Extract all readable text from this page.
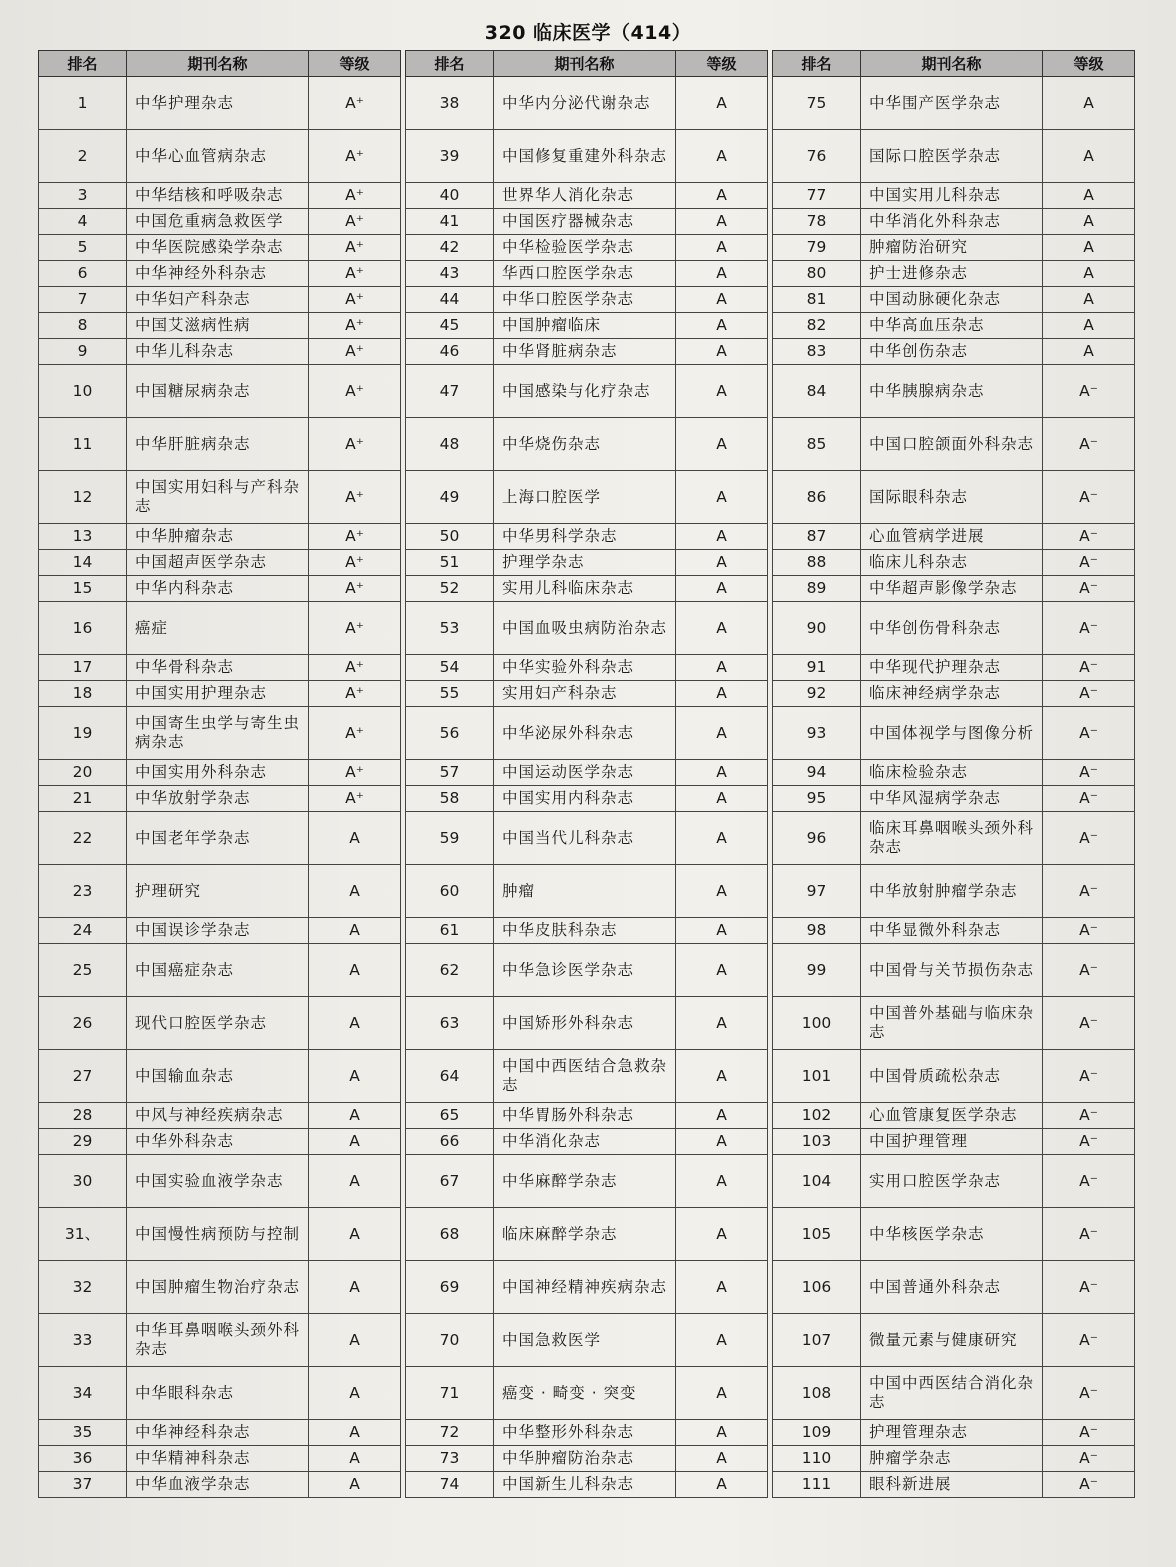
320 临床医学（414）
排名	期刊名称	等级
1	中华护理杂志	A⁺
2	中华心血管病杂志	A⁺
3	中华结核和呼吸杂志	A⁺
4	中国危重病急救医学	A⁺
5	中华医院感染学杂志	A⁺
6	中华神经外科杂志	A⁺
7	中华妇产科杂志	A⁺
8	中国艾滋病性病	A⁺
9	中华儿科杂志	A⁺
10	中国糖尿病杂志	A⁺
11	中华肝脏病杂志	A⁺
12	中国实用妇科与产科杂志	A⁺
13	中华肿瘤杂志	A⁺
14	中国超声医学杂志	A⁺
15	中华内科杂志	A⁺
16	癌症	A⁺
17	中华骨科杂志	A⁺
18	中国实用护理杂志	A⁺
19	中国寄生虫学与寄生虫病杂志	A⁺
20	中国实用外科杂志	A⁺
21	中华放射学杂志	A⁺
22	中国老年学杂志	A
23	护理研究	A
24	中国误诊学杂志	A
25	中国癌症杂志	A
26	现代口腔医学杂志	A
27	中国输血杂志	A
28	中风与神经疾病杂志	A
29	中华外科杂志	A
30	中国实验血液学杂志	A
31、	中国慢性病预防与控制	A
32	中国肿瘤生物治疗杂志	A
33	中华耳鼻咽喉头颈外科杂志	A
34	中华眼科杂志	A
35	中华神经科杂志	A
36	中华精神科杂志	A
37	中华血液学杂志	A
排名	期刊名称	等级
38	中华内分泌代谢杂志	A
39	中国修复重建外科杂志	A
40	世界华人消化杂志	A
41	中国医疗器械杂志	A
42	中华检验医学杂志	A
43	华西口腔医学杂志	A
44	中华口腔医学杂志	A
45	中国肿瘤临床	A
46	中华肾脏病杂志	A
47	中国感染与化疗杂志	A
48	中华烧伤杂志	A
49	上海口腔医学	A
50	中华男科学杂志	A
51	护理学杂志	A
52	实用儿科临床杂志	A
53	中国血吸虫病防治杂志	A
54	中华实验外科杂志	A
55	实用妇产科杂志	A
56	中华泌尿外科杂志	A
57	中国运动医学杂志	A
58	中国实用内科杂志	A
59	中国当代儿科杂志	A
60	肿瘤	A
61	中华皮肤科杂志	A
62	中华急诊医学杂志	A
63	中国矫形外科杂志	A
64	中国中西医结合急救杂志	A
65	中华胃肠外科杂志	A
66	中华消化杂志	A
67	中华麻醉学杂志	A
68	临床麻醉学杂志	A
69	中国神经精神疾病杂志	A
70	中国急救医学	A
71	癌变 · 畸变 · 突变	A
72	中华整形外科杂志	A
73	中华肿瘤防治杂志	A
74	中国新生儿科杂志	A
排名	期刊名称	等级
75	中华围产医学杂志	A
76	国际口腔医学杂志	A
77	中国实用儿科杂志	A
78	中华消化外科杂志	A
79	肿瘤防治研究	A
80	护士进修杂志	A
81	中国动脉硬化杂志	A
82	中华高血压杂志	A
83	中华创伤杂志	A
84	中华胰腺病杂志	A⁻
85	中国口腔颌面外科杂志	A⁻
86	国际眼科杂志	A⁻
87	心血管病学进展	A⁻
88	临床儿科杂志	A⁻
89	中华超声影像学杂志	A⁻
90	中华创伤骨科杂志	A⁻
91	中华现代护理杂志	A⁻
92	临床神经病学杂志	A⁻
93	中国体视学与图像分析	A⁻
94	临床检验杂志	A⁻
95	中华风湿病学杂志	A⁻
96	临床耳鼻咽喉头颈外科杂志	A⁻
97	中华放射肿瘤学杂志	A⁻
98	中华显微外科杂志	A⁻
99	中国骨与关节损伤杂志	A⁻
100	中国普外基础与临床杂志	A⁻
101	中国骨质疏松杂志	A⁻
102	心血管康复医学杂志	A⁻
103	中国护理管理	A⁻
104	实用口腔医学杂志	A⁻
105	中华核医学杂志	A⁻
106	中国普通外科杂志	A⁻
107	微量元素与健康研究	A⁻
108	中国中西医结合消化杂志	A⁻
109	护理管理杂志	A⁻
110	肿瘤学杂志	A⁻
111	眼科新进展	A⁻
